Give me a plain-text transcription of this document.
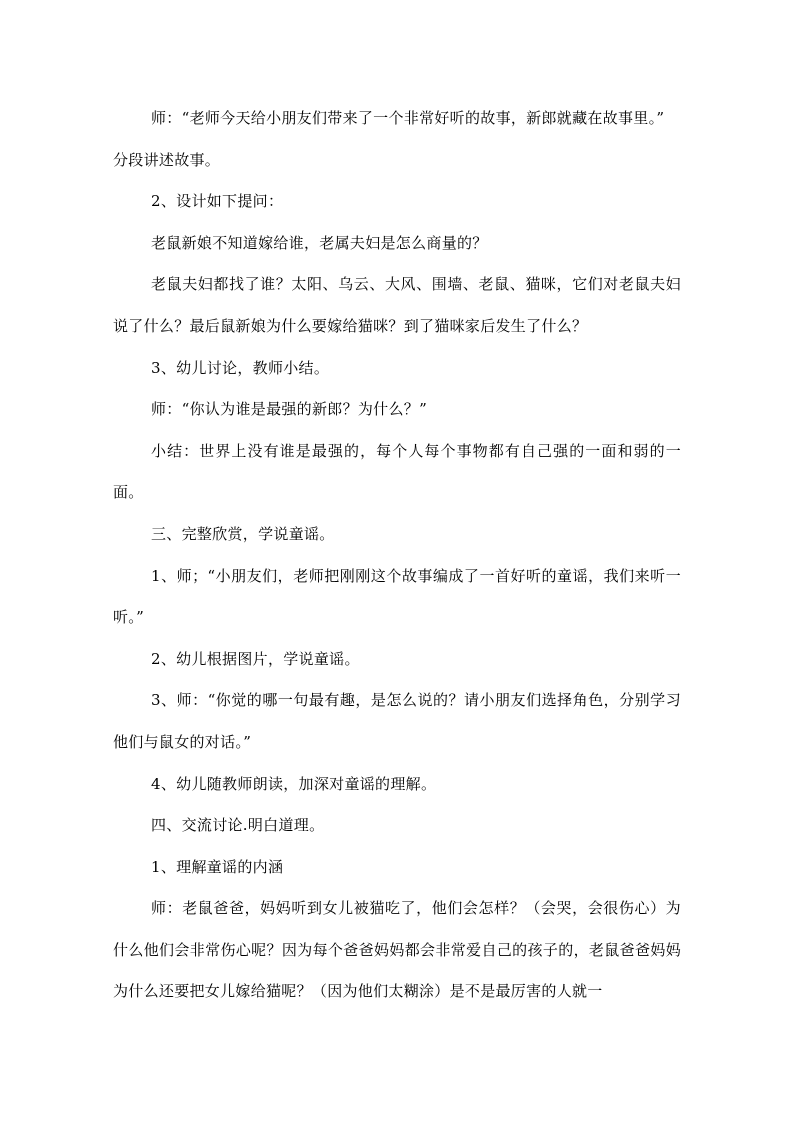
师：“老师今天给小朋友们带来了一个非常好听的故事，新郎就藏在故事里。”

分段讲述故事。

2、设计如下提问：

老鼠新娘不知道嫁给谁，老属夫妇是怎么商量的？

老鼠夫妇都找了谁？太阳、乌云、大风、围墙、老鼠、猫咪，它们对老鼠夫妇说了什么？最后鼠新娘为什么要嫁给猫咪？到了猫咪家后发生了什么？

3、幼儿讨论，教师小结。

师：“你认为谁是最强的新郎？为什么？”

小结：世界上没有谁是最强的，每个人每个事物都有自己强的一面和弱的一面。

三、完整欣赏，学说童谣。

1、师；“小朋友们，老师把刚刚这个故事编成了一首好听的童谣，我们来听一听。”

2、幼儿根据图片，学说童谣。

3、师：“你觉的哪一句最有趣，是怎么说的？请小朋友们选择角色，分别学习他们与鼠女的对话。”

4、幼儿随教师朗读，加深对童谣的理解。

四、交流讨论.明白道理。

1、理解童谣的内涵

师：老鼠爸爸，妈妈听到女儿被猫吃了，他们会怎样？（会哭，会很伤心）为什么他们会非常伤心呢？因为每个爸爸妈妈都会非常爱自己的孩子的，老鼠爸爸妈妈为什么还要把女儿嫁给猫呢？（因为他们太糊涂）是不是最厉害的人就一
